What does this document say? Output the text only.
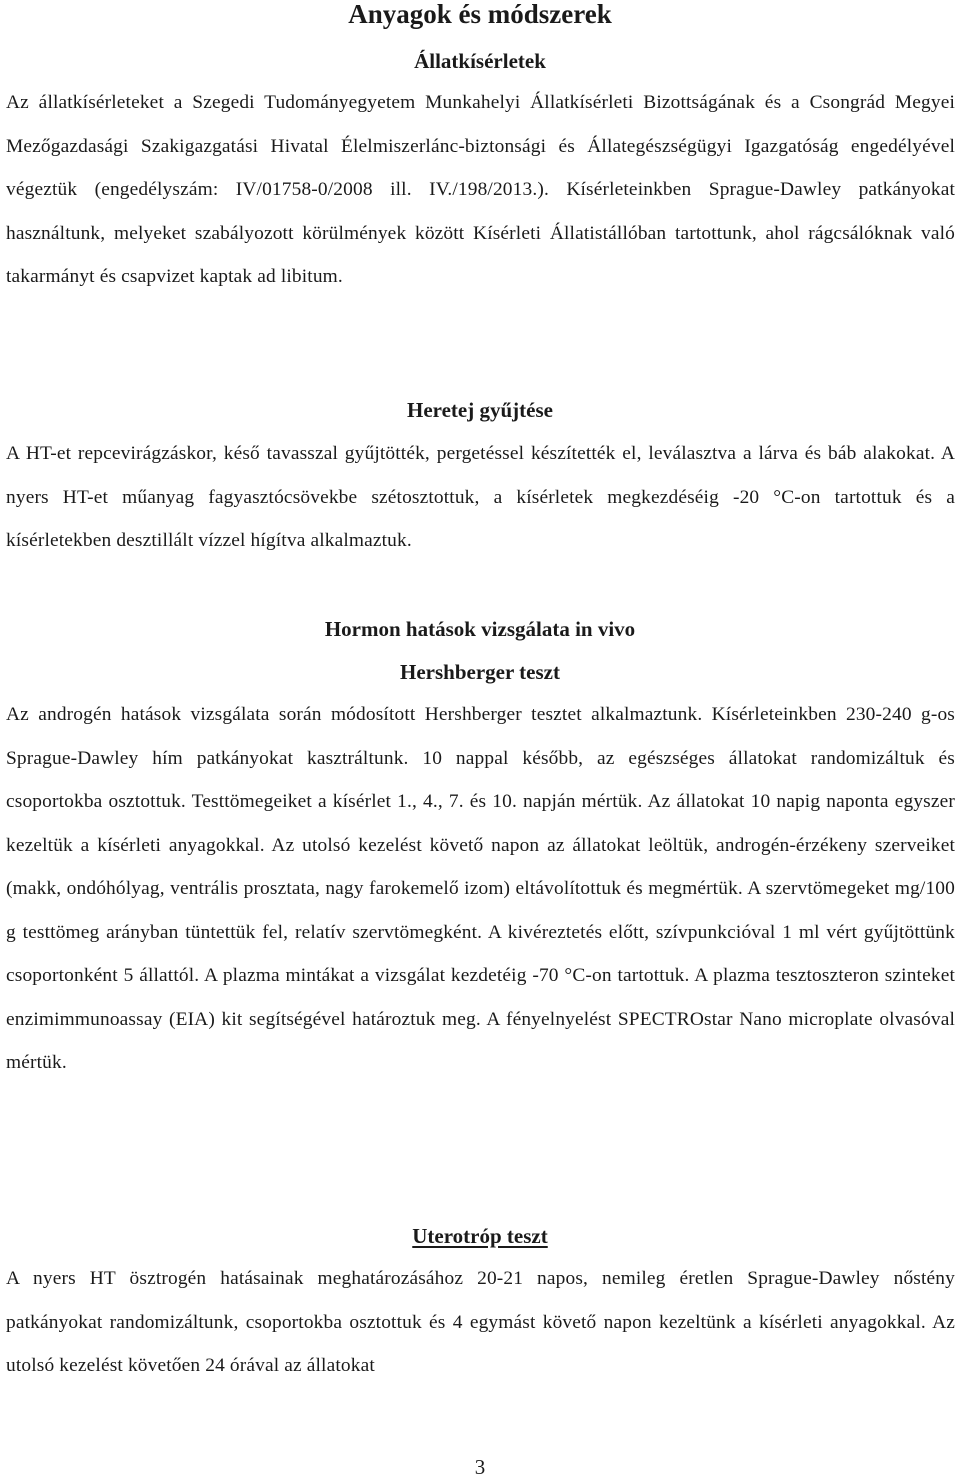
Anyagok és módszerek
Állatkísérletek

Az állatkísérleteket a Szegedi Tudományegyetem Munkahelyi Állatkísérleti Bizottságának és a Csongrád Megyei Mezőgazdasági Szakigazgatási Hivatal Élelmiszerlánc-biztonsági és Állategészségügyi Igazgatóság engedélyével végeztük (engedélyszám: IV/01758-0/2008 ill. IV./198/2013.). Kísérleteinkben Sprague-Dawley patkányokat használtunk, melyeket szabályozott körülmények között Kísérleti Állatistállóban tartottunk, ahol rágcsálóknak való takarmányt és csapvizet kaptak ad libitum.

Heretej gyűjtése

A HT-et repcevirágzáskor, késő tavasszal gyűjtötték, pergetéssel készítették el, leválasztva a lárva és báb alakokat. A nyers HT-et műanyag fagyasztócsövekbe szétosztottuk, a kísérletek megkezdéséig -20 °C-on tartottuk és a kísérletekben desztillált vízzel hígítva alkalmaztuk.

Hormon hatások vizsgálata in vivo
Hershberger teszt

Az androgén hatások vizsgálata során módosított Hershberger tesztet alkalmaztunk. Kísérleteinkben 230-240 g-os Sprague-Dawley hím patkányokat kasztráltunk. 10 nappal később, az egészséges állatokat randomizáltuk és csoportokba osztottuk. Testtömegeiket a kísérlet 1., 4., 7. és 10. napján mértük. Az állatokat 10 napig naponta egyszer kezeltük a kísérleti anyagokkal. Az utolsó kezelést követő napon az állatokat leöltük, androgén-érzékeny szerveiket (makk, ondóhólyag, ventrális prosztata, nagy farokemelő izom) eltávolítottuk és megmértük. A szervtömegeket mg/100 g testtömeg arányban tüntettük fel, relatív szervtömegként. A kivéreztetés előtt, szívpunkcióval 1 ml vért gyűjtöttünk csoportonként 5 állattól. A plazma mintákat a vizsgálat kezdetéig -70 °C-on tartottuk. A plazma tesztoszteron szinteket enzimimmunoassay (EIA) kit segítségével határoztuk meg. A fényelnyelést SPECTROstar Nano microplate olvasóval mértük.

Uterotróp teszt

A nyers HT ösztrogén hatásainak meghatározásához 20-21 napos, nemileg éretlen Sprague-Dawley nőstény patkányokat randomizáltunk, csoportokba osztottuk és 4 egymást követő napon kezeltünk a kísérleti anyagokkal. Az utolsó kezelést követően 24 órával az állatokat

3
